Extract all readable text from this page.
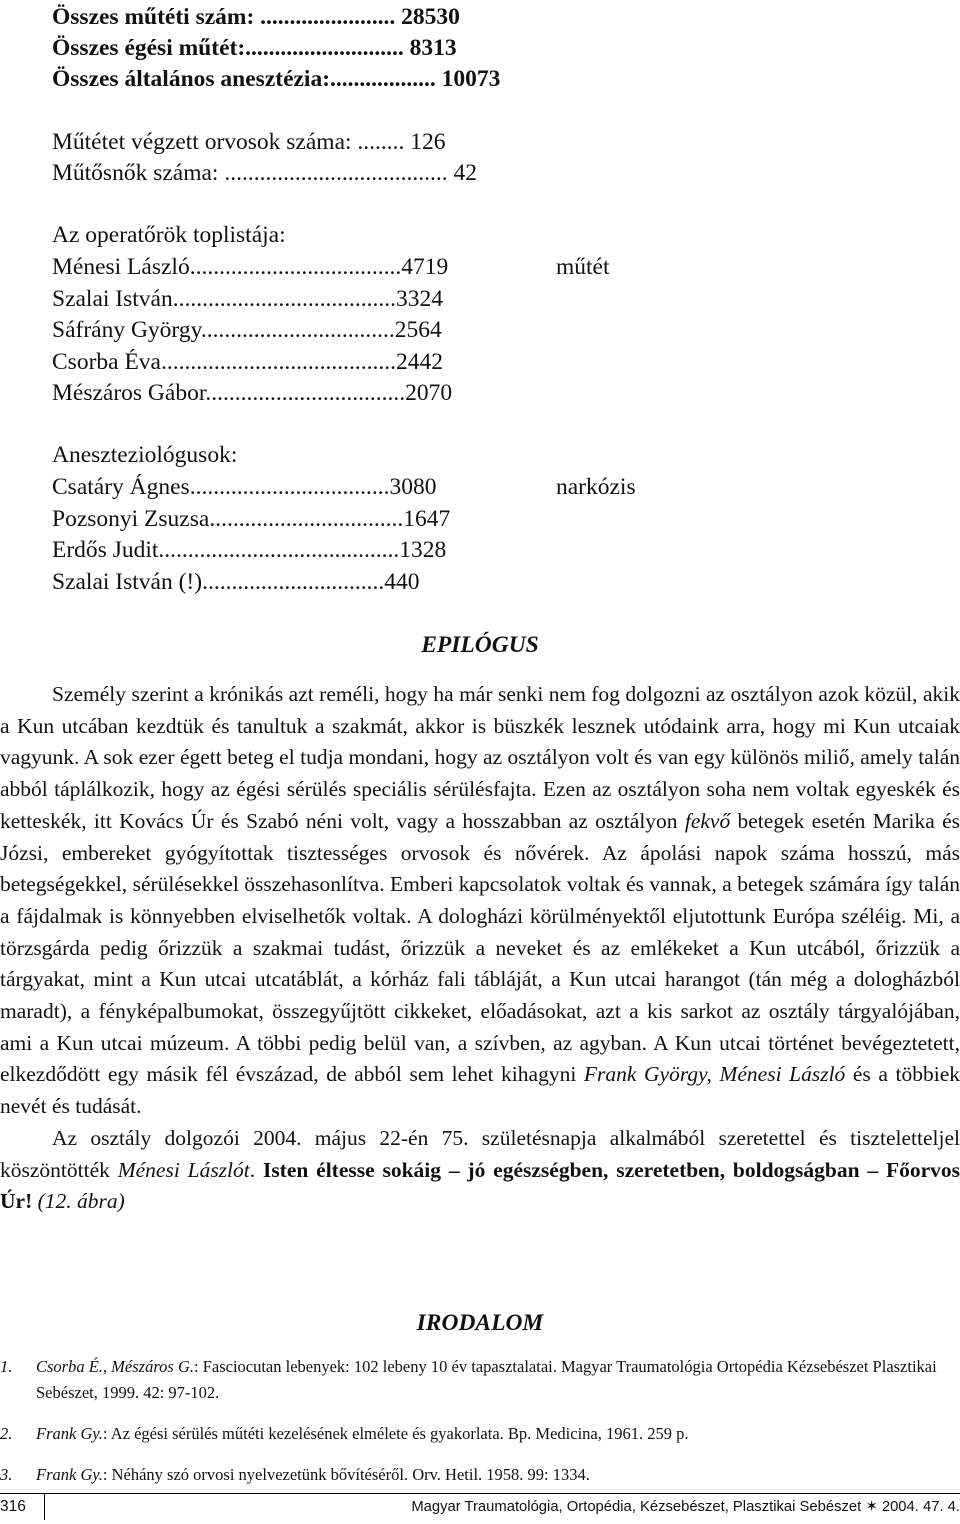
Összes műtéti szám: ....................... 28530
Összes égési műtét:........................... 8313
Összes általános anesztézia:.................. 10073
Műtétet végzett orvosok száma: ........ 126
Műtősnők száma: ...................................... 42
Az operatőrök toplistája:
Ménesi László....................................4719
Szalai István......................................3324
Sáfrány György.................................2564
Csorba Éva........................................2442
Mészáros Gábor..................................2070
műtét
Aneszteziológusok:
Csatáry Ágnes..................................3080
Pozsonyi Zsuzsa.................................1647
Erdős Judit.........................................1328
Szalai István (!)...............................440
narkózis
EPILÓGUS

Személy szerint a krónikás azt reméli, hogy ha már senki nem fog dolgozni az osztályon azok közül, akik a Kun utcában kezdtük és tanultuk a szakmát, akkor is büszkék lesznek utódaink arra, hogy mi Kun utcaiak vagyunk. A sok ezer égett beteg el tudja mondani, hogy az osztályon volt és van egy különös miliő, amely talán abból táplálkozik, hogy az égési sérülés speciális sérülésfajta. Ezen az osztályon soha nem voltak egyeskék és ketteskék, itt Kovács Úr és Szabó néni volt, vagy a hosszabban az osztályon fekvő betegek esetén Marika és Józsi, embereket gyógyítottak tisztességes orvosok és nővérek. Az ápolási napok száma hosszú, más betegségekkel, sérülésekkel összehasonlítva. Emberi kapcsolatok voltak és vannak, a betegek számára így talán a fájdalmak is könnyebben elviselhetők voltak. A dologházi körülményektől eljutottunk Európa széléig. Mi, a törzsgárda pedig őrizzük a szakmai tudást, őrizzük a neveket és az emlékeket a Kun utcából, őrizzük a tárgyakat, mint a Kun utcai utcatáblát, a kórház fali tábláját, a Kun utcai harangot (tán még a dologházból maradt), a fényképalbumokat, összegyűjtött cikkeket, előadásokat, azt a kis sarkot az osztály tárgyalójában, ami a Kun utcai múzeum. A többi pedig belül van, a szívben, az agyban. A Kun utcai történet bevégeztetett, elkezdődött egy másik fél évszázad, de abból sem lehet kihagyni Frank György, Ménesi László és a többiek nevét és tudását.

Az osztály dolgozói 2004. május 22-én 75. születésnapja alkalmából szeretettel és tiszteletteljel köszöntötték Ménesi Lászlót. Isten éltesse sokáig – jó egészségben, szeretetben, boldogságban – Főorvos Úr! (12. ábra)

IRODALOM
1. Csorba É., Mészáros G.: Fasciocutan lebenyek: 102 lebeny 10 év tapasztalatai. Magyar Traumatológia Ortopédia Kézsebészet Plasztikai Sebészet, 1999. 42: 97-102.
2. Frank Gy.: Az égési sérülés műtéti kezelésének elmélete és gyakorlata. Bp. Medicina, 1961. 259 p.
3. Frank Gy.: Néhány szó orvosi nyelvezetünk bővítéséről. Orv. Hetil. 1958. 99: 1334.
316	Magyar Traumatológia, Ortopédia, Kézsebészet, Plasztikai Sebészet ✶ 2004. 47. 4.
